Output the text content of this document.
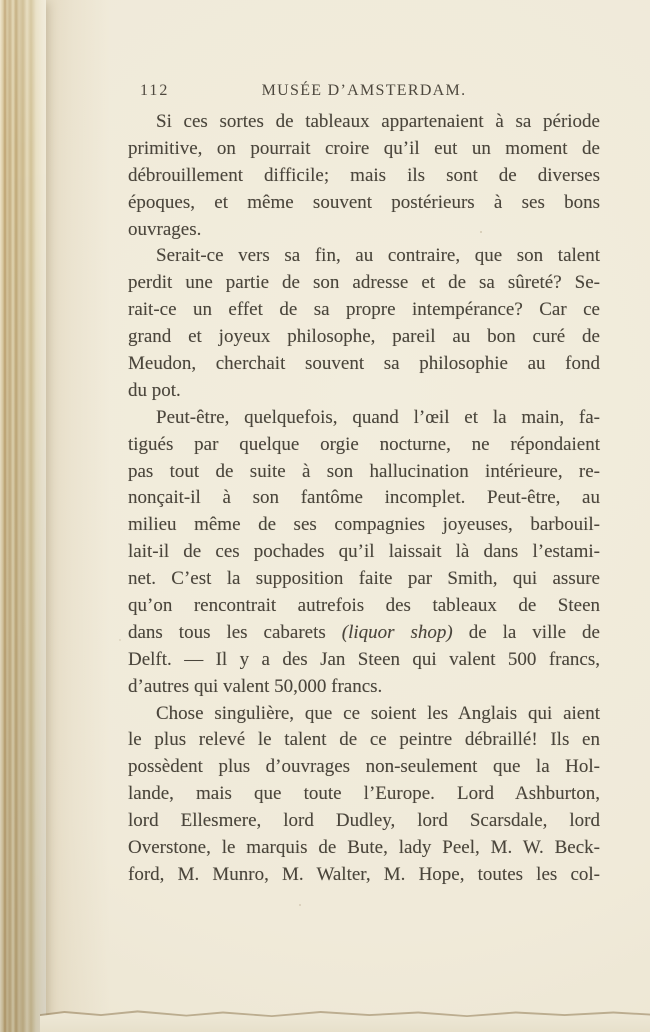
112	MUSÉE D’AMSTERDAM.
Si ces sortes de tableaux appartenaient à sa période
primitive, on pourrait croire qu’il eut un moment de
débrouillement difficile; mais ils sont de diverses
époques, et même souvent postérieurs à ses bons
ouvrages.
Serait-ce vers sa fin, au contraire, que son talent
perdit une partie de son adresse et de sa sûreté? Se-
rait-ce un effet de sa propre intempérance? Car ce
grand et joyeux philosophe, pareil au bon curé de
Meudon, cherchait souvent sa philosophie au fond
du pot.
Peut-être, quelquefois, quand l’œil et la main, fa-
tigués par quelque orgie nocturne, ne répondaient
pas tout de suite à son hallucination intérieure, re-
nonçait-il à son fantôme incomplet. Peut-être, au
milieu même de ses compagnies joyeuses, barbouil-
lait-il de ces pochades qu’il laissait là dans l’estami-
net. C’est la supposition faite par Smith, qui assure
qu’on rencontrait autrefois des tableaux de Steen
dans tous les cabarets (liquor shop) de la ville de
Delft. — Il y a des Jan Steen qui valent 500 francs,
d’autres qui valent 50,000 francs.
Chose singulière, que ce soient les Anglais qui aient
le plus relevé le talent de ce peintre débraillé! Ils en
possèdent plus d’ouvrages non-seulement que la Hol-
lande, mais que toute l’Europe. Lord Ashburton,
lord Ellesmere, lord Dudley, lord Scarsdale, lord
Overstone, le marquis de Bute, lady Peel, M. W. Beck-
ford, M. Munro, M. Walter, M. Hope, toutes les col-
